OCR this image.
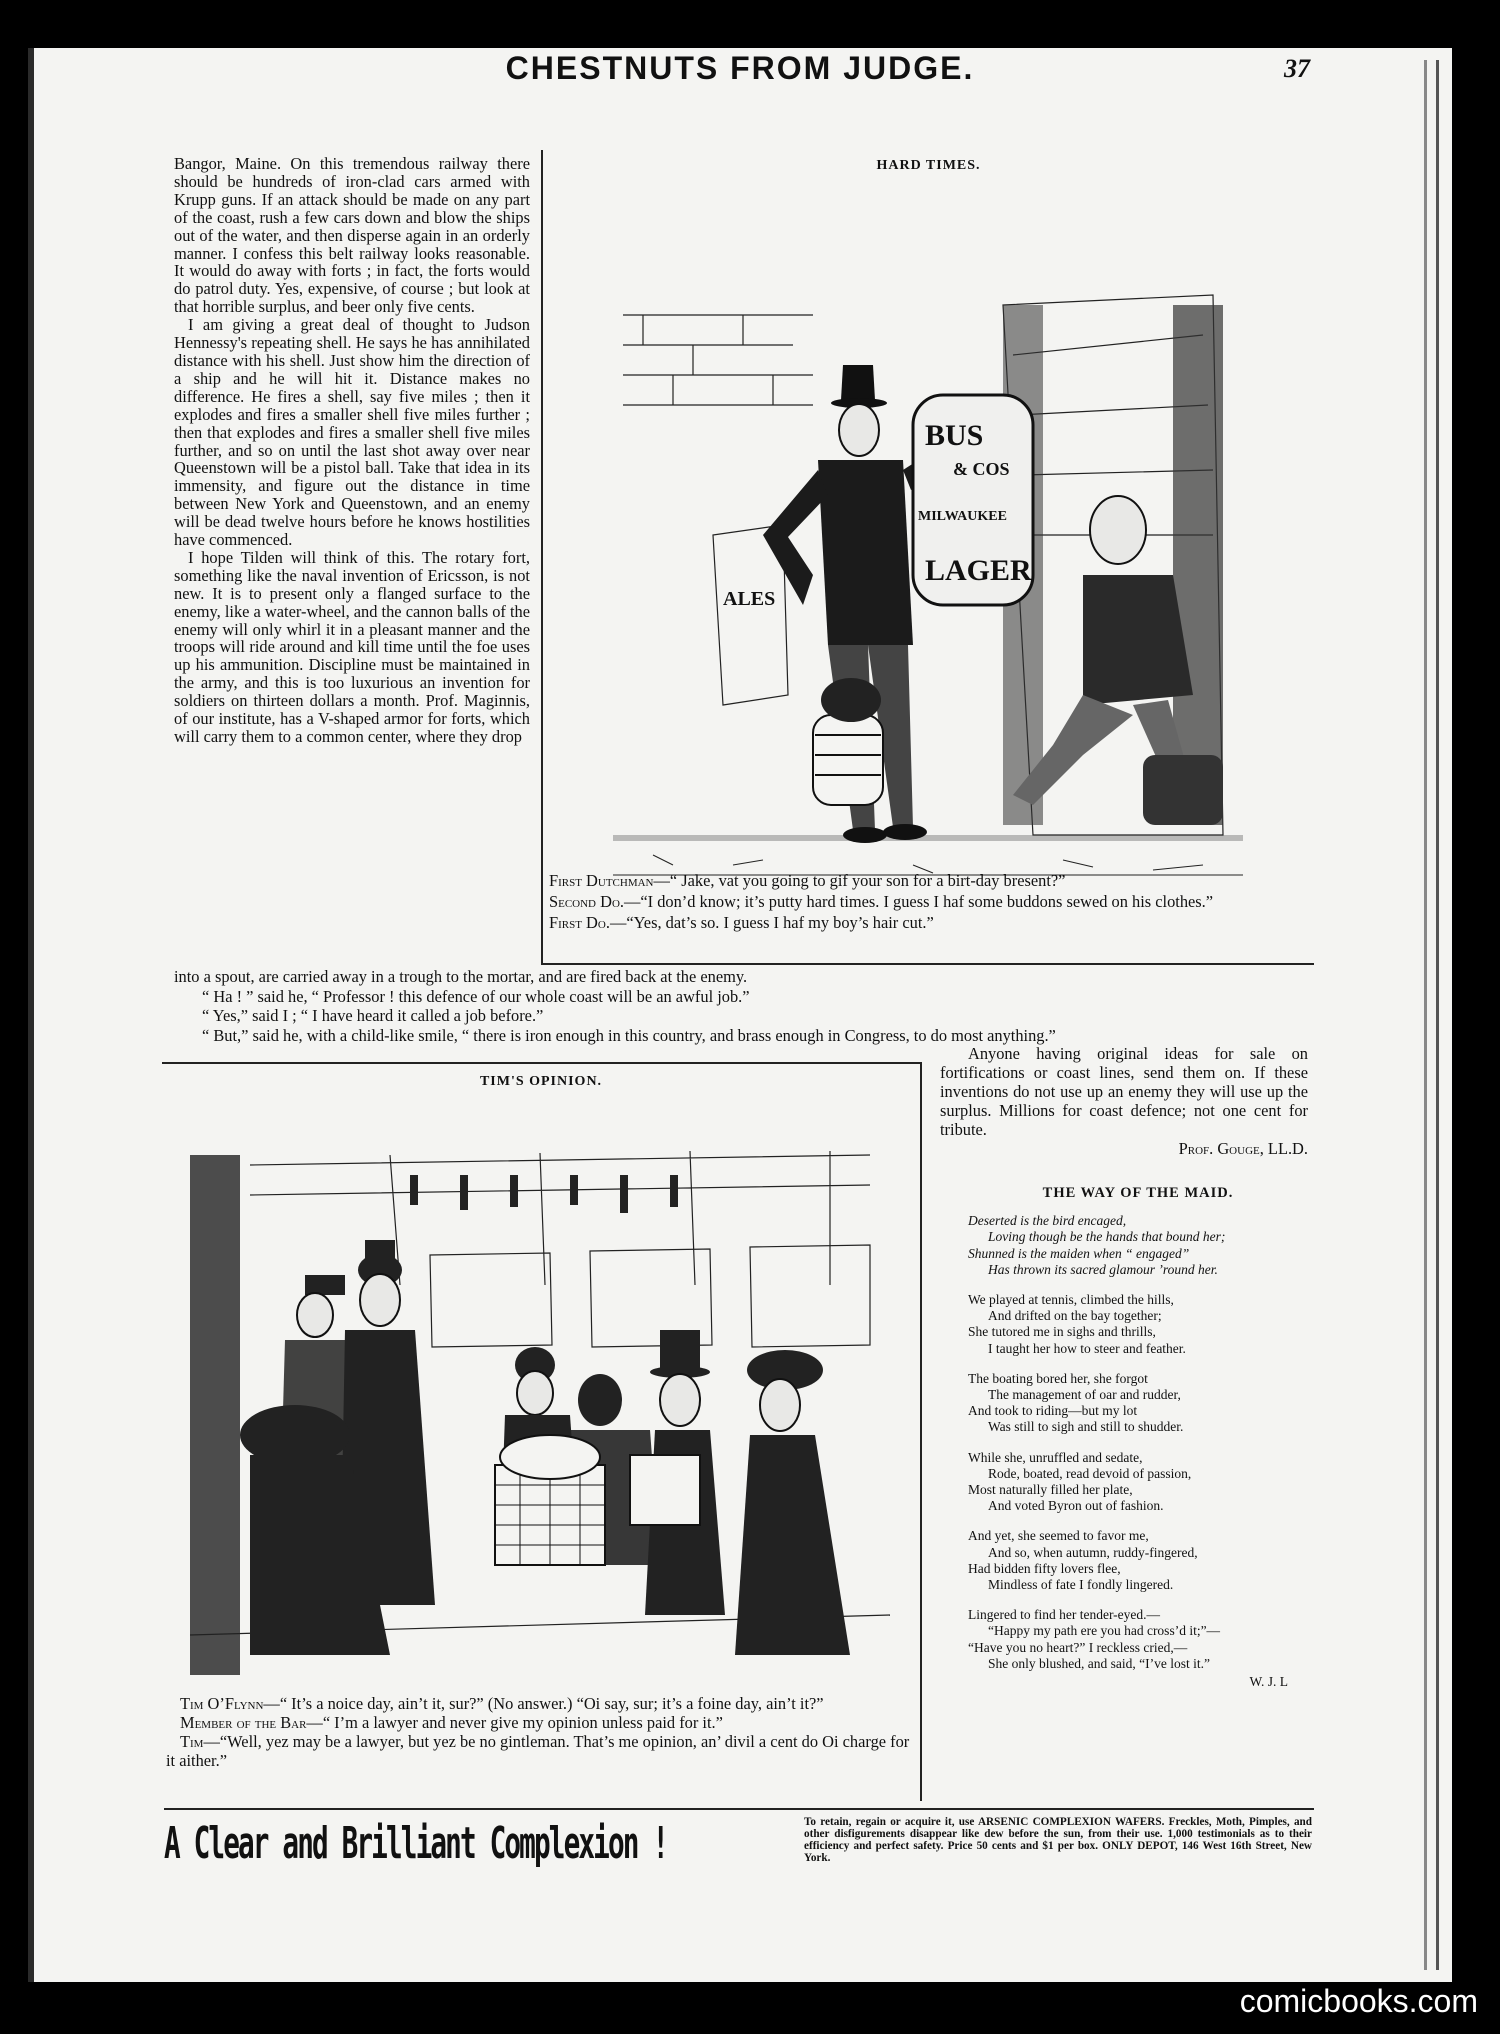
CHESTNUTS FROM JUDGE.	37

Bangor, Maine. On this tremendous railway there should be hundreds of iron-clad cars armed with Krupp guns. If an attack should be made on any part of the coast, rush a few cars down and blow the ships out of the water, and then disperse again in an orderly manner. I confess this belt railway looks reasonable. It would do away with forts ; in fact, the forts would do patrol duty. Yes, expensive, of course ; but look at that horrible surplus, and beer only five cents.

I am giving a great deal of thought to Judson Hennessy's repeating shell. He says he has annihilated distance with his shell. Just show him the direction of a ship and he will hit it. Distance makes no difference. He fires a shell, say five miles ; then it explodes and fires a smaller shell five miles further ; then that explodes and fires a smaller shell five miles further, and so on until the last shot away over near Queenstown will be a pistol ball. Take that idea in its immensity, and figure out the distance in time between New York and Queenstown, and an enemy will be dead twelve hours before he knows hostilities have commenced.

I hope Tilden will think of this. The rotary fort, something like the naval invention of Ericsson, is not new. It is to present only a flanged surface to the enemy, like a water-wheel, and the cannon balls of the enemy will only whirl it in a pleasant manner and the troops will ride around and kill time until the foe uses up his ammunition. Discipline must be maintained in the army, and this is too luxurious an invention for soldiers on thirteen dollars a month. Prof. Maginnis, of our institute, has a V-shaped armor for forts, which will carry them to a common center, where they drop

HARD TIMES.
BUS
& COS
MILWAUKEE
LAGER
ALES
First Dutchman—“ Jake, vat you going to gif your son for a birt-day bresent?”
Second Do.—“I don’d know; it’s putty hard times. I guess I haf some buddons sewed on his clothes.”
First Do.—“Yes, dat’s so. I guess I haf my boy’s hair cut.”

into a spout, are carried away in a trough to the mortar, and are fired back at the enemy.

“ Ha ! ” said he, “ Professor ! this defence of our whole coast will be an awful job.”

“ Yes,” said I ; “ I have heard it called a job before.”

“ But,” said he, with a child-like smile, “ there is iron enough in this country, and brass enough in Congress, to do most anything.”

TIM'S OPINION.
Tim O’Flynn—“ It’s a noice day, ain’t it, sur?” (No answer.) “Oi say, sur; it’s a foine day, ain’t it?”
Member of the Bar—“ I’m a lawyer and never give my opinion unless paid for it.”
Tim—“Well, yez may be a lawyer, but yez be no gintleman. That’s me opinion, an’ divil a cent do Oi charge for it aither.”

Anyone having original ideas for sale on fortifications or coast lines, send them on. If these inventions do not use up an enemy they will use up the surplus. Millions for coast defence; not one cent for tribute.

Prof. Gouge, LL.D.

THE WAY OF THE MAID.
Deserted is the bird encaged,
Loving though be the hands that bound her;
Shunned is the maiden when “ engaged”
Has thrown its sacred glamour ’round her.
We played at tennis, climbed the hills,
And drifted on the bay together;
She tutored me in sighs and thrills,
I taught her how to steer and feather.
The boating bored her, she forgot
The management of oar and rudder,
And took to riding—but my lot
Was still to sigh and still to shudder.
While she, unruffled and sedate,
Rode, boated, read devoid of passion,
Most naturally filled her plate,
And voted Byron out of fashion.
And yet, she seemed to favor me,
And so, when autumn, ruddy-fingered,
Had bidden fifty lovers flee,
Mindless of fate I fondly lingered.
Lingered to find her tender-eyed.—
“Happy my path ere you had cross’d it;”—
“Have you no heart?” I reckless cried,—
She only blushed, and said, “I’ve lost it.”
W. J. L
A Clear and Brilliant Complexion !	To retain, regain or acquire it, use ARSENIC COMPLEXION WAFERS. Freckles, Moth, Pimples, and other disfigurements disappear like dew before the sun, from their use. 1,000 testimonials as to their efficiency and perfect safety. Price 50 cents and $1 per box. ONLY DEPOT, 146 West 16th Street, New York.
comicbooks.com
